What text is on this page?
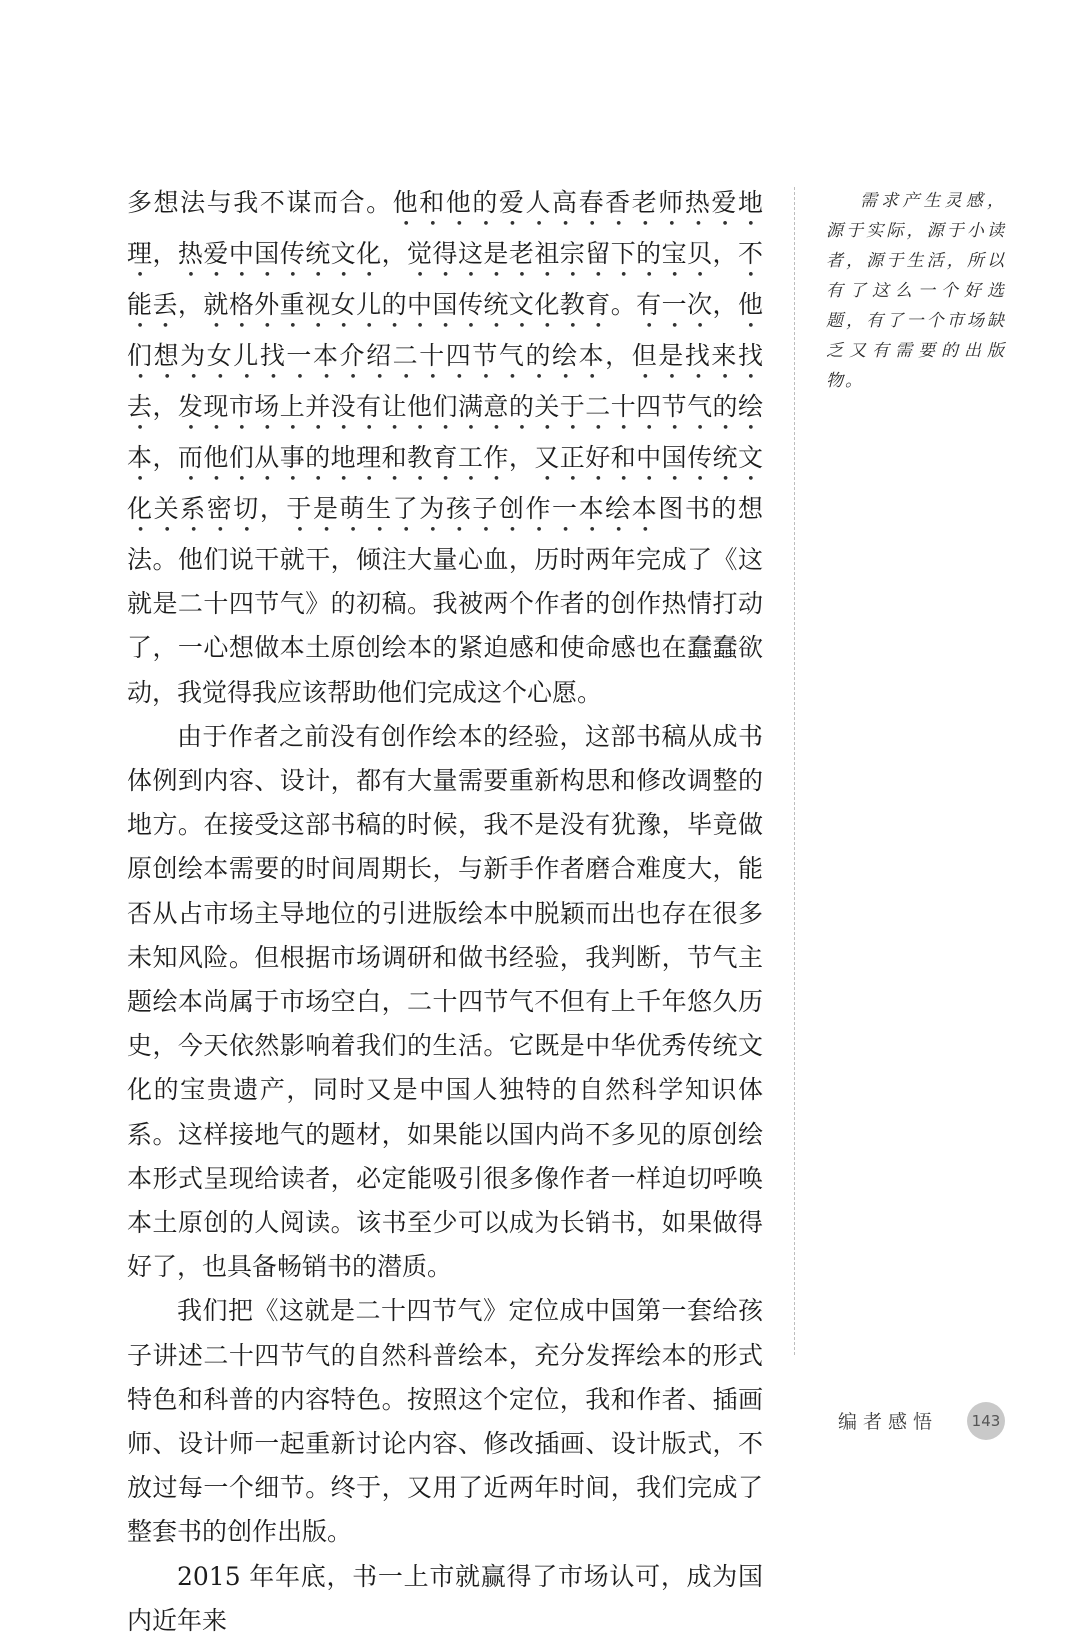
多想法与我不谋而合。他和他的爱人高春香老师热爱地理，热爱中国传统文化，觉得这是老祖宗留下的宝贝，不能丢，就格外重视女儿的中国传统文化教育。有一次，他们想为女儿找一本介绍二十四节气的绘本，但是找来找去，发现市场上并没有让他们满意的关于二十四节气的绘本，而他们从事的地理和教育工作，又正好和中国传统文化关系密切，于是萌生了为孩子创作一本绘本图书的想法。他们说干就干，倾注大量心血，历时两年完成了《这就是二十四节气》的初稿。我被两个作者的创作热情打动了，一心想做本土原创绘本的紧迫感和使命感也在蠢蠢欲动，我觉得我应该帮助他们完成这个心愿。

由于作者之前没有创作绘本的经验，这部书稿从成书体例到内容、设计，都有大量需要重新构思和修改调整的地方。在接受这部书稿的时候，我不是没有犹豫，毕竟做原创绘本需要的时间周期长，与新手作者磨合难度大，能否从占市场主导地位的引进版绘本中脱颖而出也存在很多未知风险。但根据市场调研和做书经验，我判断，节气主题绘本尚属于市场空白，二十四节气不但有上千年悠久历史，今天依然影响着我们的生活。它既是中华优秀传统文化的宝贵遗产，同时又是中国人独特的自然科学知识体系。这样接地气的题材，如果能以国内尚不多见的原创绘本形式呈现给读者，必定能吸引很多像作者一样迫切呼唤本土原创的人阅读。该书至少可以成为长销书，如果做得好了，也具备畅销书的潜质。

我们把《这就是二十四节气》定位成中国第一套给孩子讲述二十四节气的自然科普绘本，充分发挥绘本的形式特色和科普的内容特色。按照这个定位，我和作者、插画师、设计师一起重新讨论内容、修改插画、设计版式，不放过每一个细节。终于，又用了近两年时间，我们完成了整套书的创作出版。

2015 年年底，书一上市就赢得了市场认可，成为国内近年来

需求产生灵感，源于实际，源于小读者，源于生活，所以有了这么一个好选题，有了一个市场缺乏又有需要的出版物。

编者感悟	143
